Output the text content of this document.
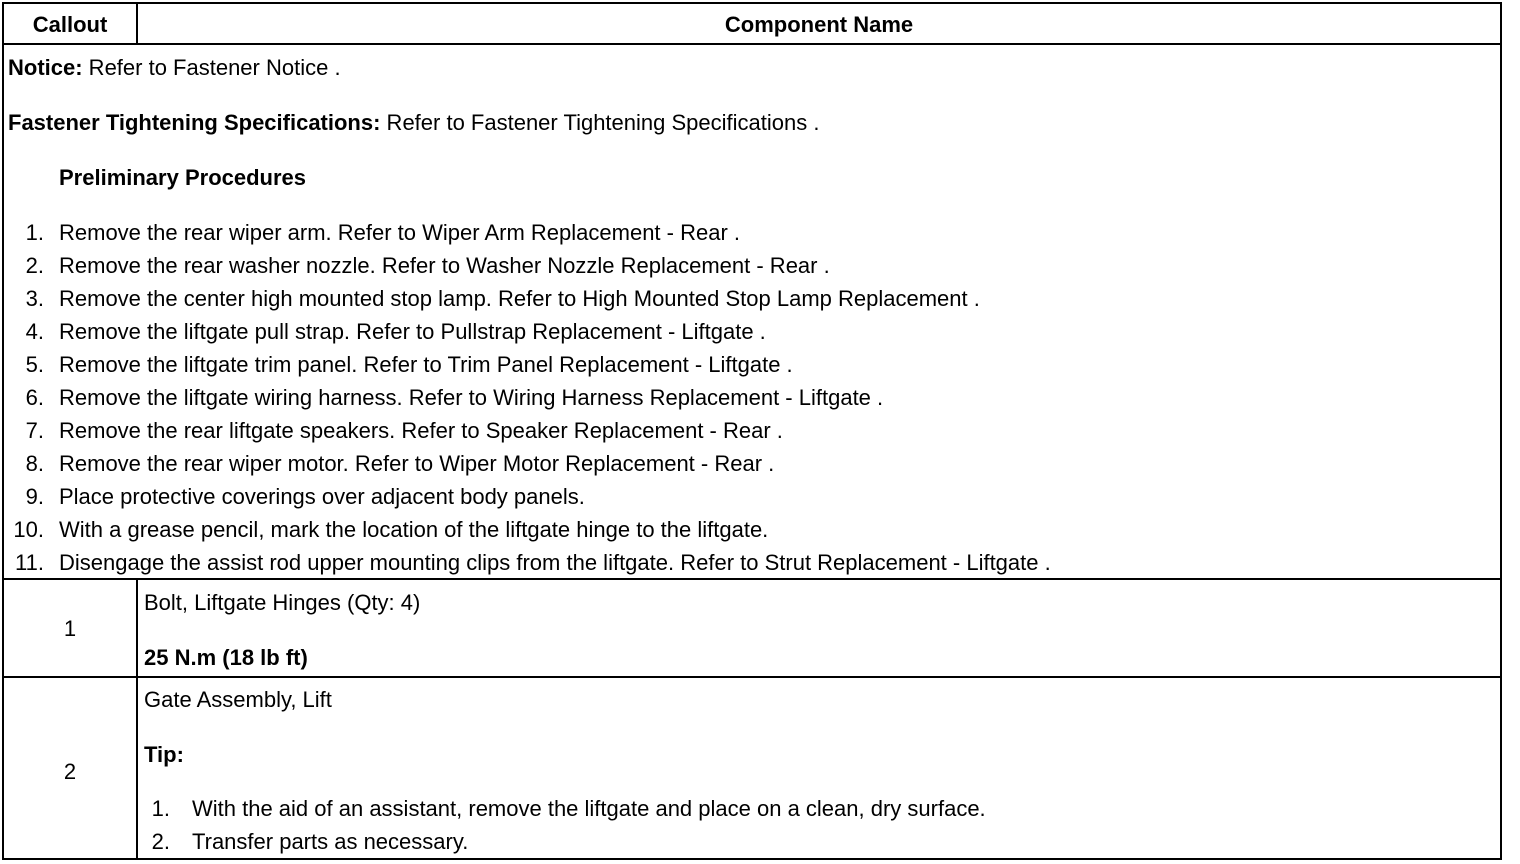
Callout	Component Name

Notice: Refer to Fastener Notice .

Fastener Tightening Specifications: Refer to Fastener Tightening Specifications .

Preliminary Procedures

1. Remove the rear wiper arm. Refer to Wiper Arm Replacement - Rear .
2. Remove the rear washer nozzle. Refer to Washer Nozzle Replacement - Rear .
3. Remove the center high mounted stop lamp. Refer to High Mounted Stop Lamp Replacement .
4. Remove the liftgate pull strap. Refer to Pullstrap Replacement - Liftgate .
5. Remove the liftgate trim panel. Refer to Trim Panel Replacement - Liftgate .
6. Remove the liftgate wiring harness. Refer to Wiring Harness Replacement - Liftgate .
7. Remove the rear liftgate speakers. Refer to Speaker Replacement - Rear .
8. Remove the rear wiper motor. Refer to Wiper Motor Replacement - Rear .
9. Place protective coverings over adjacent body panels.
10. With a grease pencil, mark the location of the liftgate hinge to the liftgate.
11. Disengage the assist rod upper mounting clips from the liftgate. Refer to Strut Replacement - Liftgate .
1
Bolt, Liftgate Hinges (Qty: 4)
25 N.m (18 lb ft)
2
Gate Assembly, Lift
Tip:
1. With the aid of an assistant, remove the liftgate and place on a clean, dry surface.
2. Transfer parts as necessary.
